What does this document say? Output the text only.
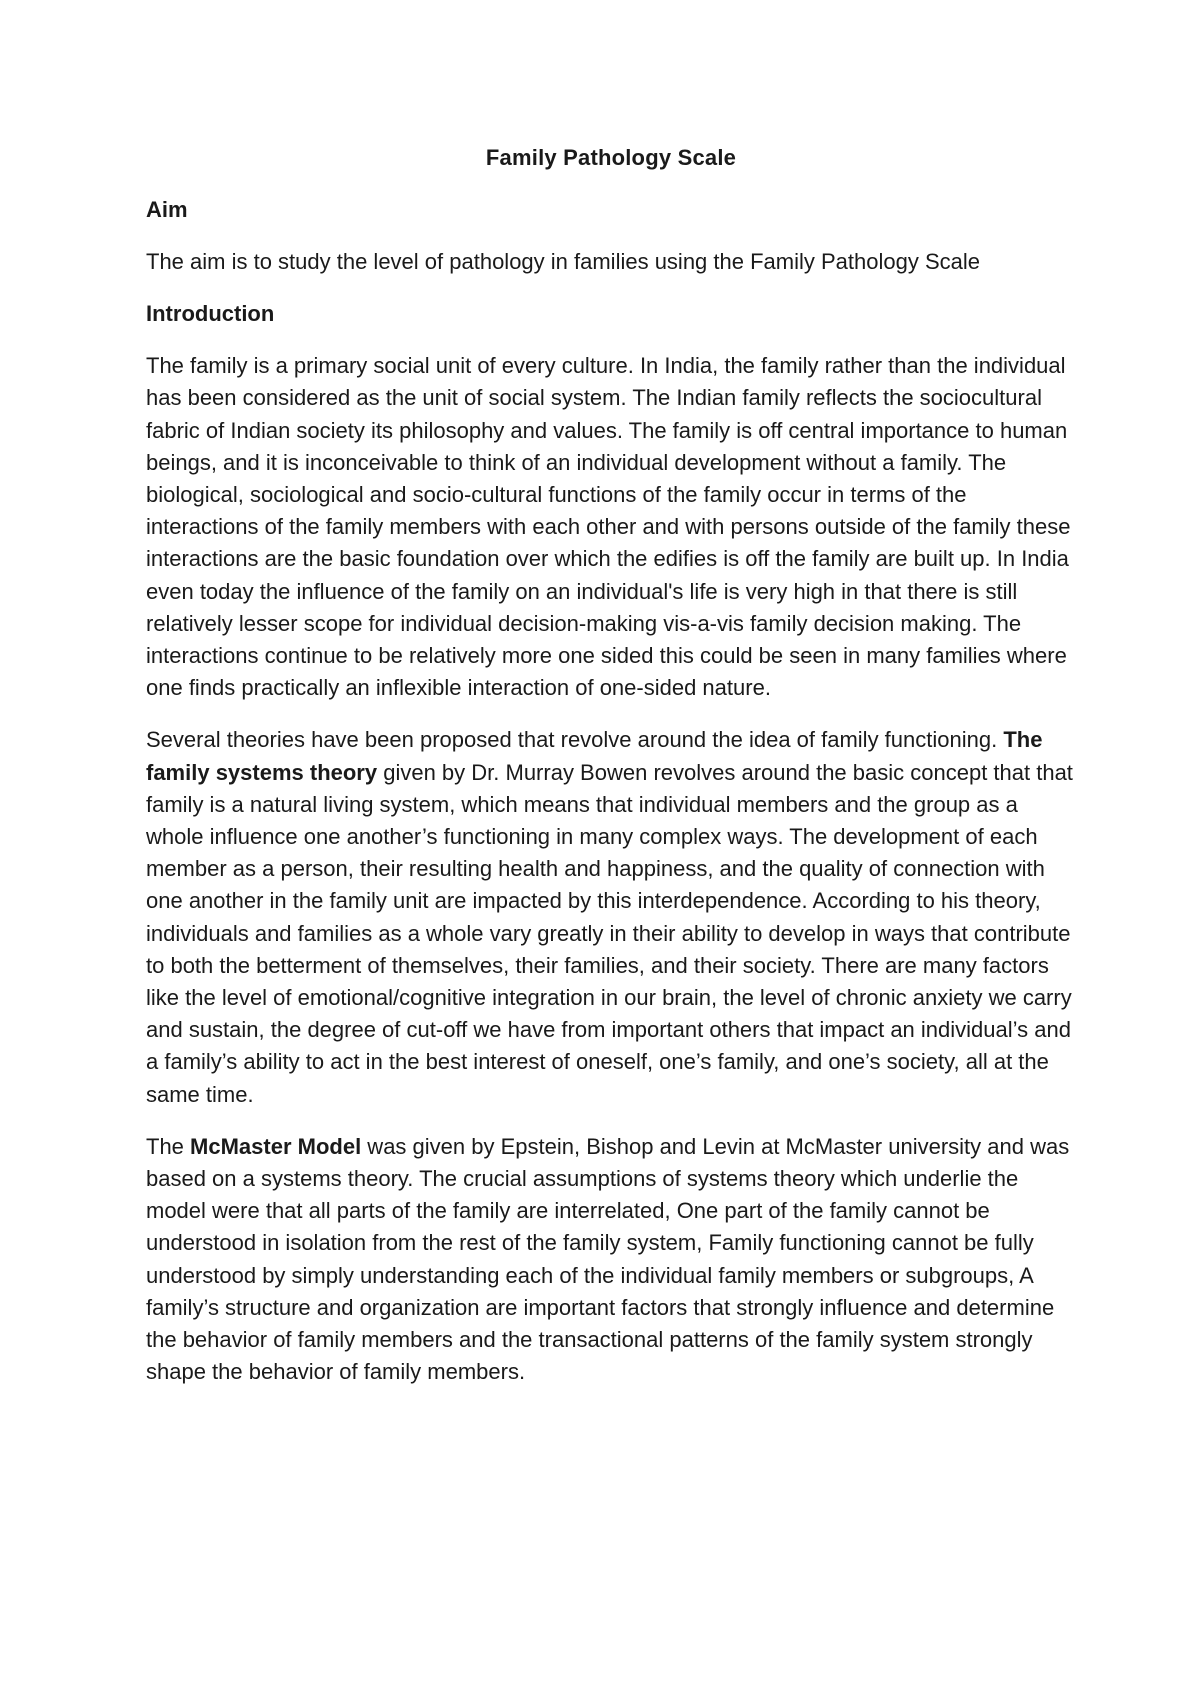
Family Pathology Scale
Aim

The aim is to study the level of pathology in families using the Family Pathology Scale

Introduction

The family is a primary social unit of every culture. In India, the family rather than the individual has been considered as the unit of social system. The Indian family reflects the sociocultural fabric of Indian society its philosophy and values. The family is off central importance to human beings, and it is inconceivable to think of an individual development without a family. The biological, sociological and socio-cultural functions of the family occur in terms of the interactions of the family members with each other and with persons outside of the family these interactions are the basic foundation over which the edifies is off the family are built up. In India even today the influence of the family on an individual's life is very high in that there is still relatively lesser scope for individual decision-making vis-a-vis family decision making. The interactions continue to be relatively more one sided this could be seen in many families where one finds practically an inflexible interaction of one-sided nature.

Several theories have been proposed that revolve around the idea of family functioning. The family systems theory given by Dr. Murray Bowen revolves around the basic concept that that family is a natural living system, which means that individual members and the group as a whole influence one another’s functioning in many complex ways. The development of each member as a person, their resulting health and happiness, and the quality of connection with one another in the family unit are impacted by this interdependence. According to his theory, individuals and families as a whole vary greatly in their ability to develop in ways that contribute to both the betterment of themselves, their families, and their society. There are many factors like the level of emotional/cognitive integration in our brain, the level of chronic anxiety we carry and sustain, the degree of cut-off we have from important others that impact an individual’s and a family’s ability to act in the best interest of oneself, one’s family, and one’s society, all at the same time.

The McMaster Model was given by Epstein, Bishop and Levin at McMaster university and was based on a systems theory. The crucial assumptions of systems theory which underlie the model were that all parts of the family are interrelated, One part of the family cannot be understood in isolation from the rest of the family system, Family functioning cannot be fully understood by simply understanding each of the individual family members or subgroups, A family’s structure and organization are important factors that strongly influence and determine the behavior of family members and the transactional patterns of the family system strongly shape the behavior of family members.
